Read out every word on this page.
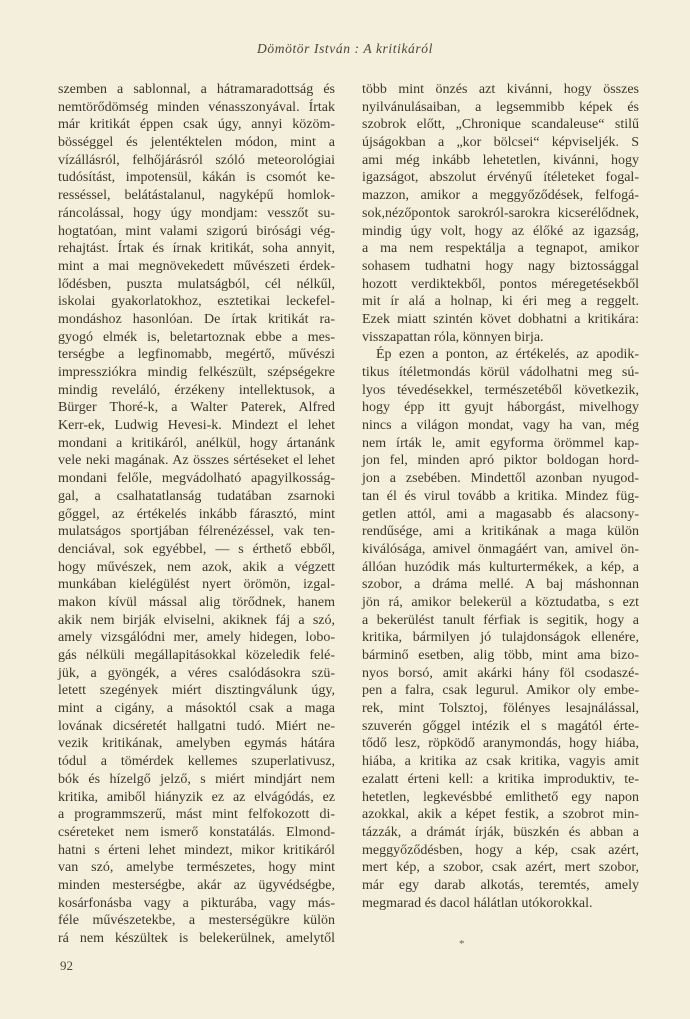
Dömötör István : A kritikáról
szemben a sablonnal, a hátramaradottság és
nemtörődömség minden vénasszonyával. Írtak
már kritikát éppen csak úgy, annyi közöm-
bösséggel és jelentéktelen módon, mint a
vízállásról, felhőjárásról szóló meteorológiai
tudósítást, impotensül, kákán is csomót ke-
resséssel, belátástalanul, nagyképű homlok-
ráncolással, hogy úgy mondjam: vesszőt su-
hogtatóan, mint valami szigorú birósági vég-
rehajtást. Írtak és írnak kritikát, soha annyit,
mint a mai megnövekedett művészeti érdek-
lődésben, puszta mulatságból, cél nélkűl,
iskolai gyakorlatokhoz, esztetikai leckefel-
mondáshoz hasonlóan. De írtak kritikát ra-
gyogó elmék is, beletartoznak ebbe a mes-
terségbe a legfinomabb, megértő, művészi
impressziókra mindig felkészült, szépségekre
mindig reveláló, érzékeny intellektusok, a
Bürger Thoré-k, a Walter Paterek, Alfred
Kerr-ek, Ludwig Hevesi-k. Mindezt el lehet
mondani a kritikáról, anélkül, hogy ártanánk
vele neki magának. Az összes sértéseket el lehet
mondani felőle, megvádolható apagyilkosság-
gal, a csalhatatlanság tudatában zsarnoki
gőggel, az értékelés inkább fárasztó, mint
mulatságos sportjában félrenézéssel, vak ten-
denciával, sok egyébbel, — s érthető ebből,
hogy művészek, nem azok, akik a végzett
munkában kielégülést nyert örömön, izgal-
makon kívül mással alig törődnek, hanem
akik nem birják elviselni, akiknek fáj a szó,
amely vizsgálódni mer, amely hidegen, lobo-
gás nélküli megállapitásokkal közeledik felé-
jük, a gyöngék, a véres csalódásokra szü-
letett szegények miért disztingválunk úgy,
mint a cigány, a másoktól csak a maga
lovának dicséretét hallgatni tudó. Miért ne-
vezik kritikának, amelyben egymás hátára
tódul a tömérdek kellemes szuperlativusz,
bók és hízelgő jelző, s miért mindjárt nem
kritika, amiből hiányzik ez az elvágódás, ez
a programmszerű, mást mint felfokozott di-
cséreteket nem ismerő konstatálás. Elmond-
hatni s érteni lehet mindezt, mikor kritikáról
van szó, amelybe természetes, hogy mint
minden mesterségbe, akár az ügyvédségbe,
kosárfonásba vagy a pikturába, vagy más-
féle művészetekbe, a mesterségükre külön
rá nem készültek is belekerülnek, amelytől
több mint önzés azt kivánni, hogy összes
nyilvánulásaiban, a legsemmibb képek és
szobrok előtt, „Chronique scandaleuse“ stilű
újságokban a „kor bölcsei“ képviseljék. S
ami még inkább lehetetlen, kivánni, hogy
igazságot, abszolut érvényű ítéleteket fogal-
mazzon, amikor a meggyőződések, felfogá-
sok,nézőpontok sarokról-sarokra kicserélődnek,
mindig úgy volt, hogy az élőké az igazság,
a ma nem respektálja a tegnapot, amikor
sohasem tudhatni hogy nagy biztossággal
hozott verdiktekből, pontos méregetésekből
mit ír alá a holnap, ki éri meg a reggelt.
Ezek miatt szintén követ dobhatni a kritikára:
visszapattan róla, könnyen birja.
Ép ezen a ponton, az értékelés, az apodik-
tikus ítéletmondás körül vádolhatni meg sú-
lyos tévedésekkel, természetéből következik,
hogy épp itt gyujt háborgást, mivelhogy
nincs a világon mondat, vagy ha van, még
nem írták le, amit egyforma örömmel kap-
jon fel, minden apró piktor boldogan hord-
jon a zsebében. Mindettől azonban nyugod-
tan él és virul tovább a kritika. Mindez füg-
getlen attól, ami a magasabb és alacsony-
rendűsége, ami a kritikának a maga külön
kiválósága, amivel önmagáért van, amivel ön-
állóan huzódik más kulturtermékek, a kép, a
szobor, a dráma mellé. A baj máshonnan
jön rá, amikor belekerül a köztudatba, s ezt
a bekerülést tanult férfiak is segitik, hogy a
kritika, bármilyen jó tulajdonságok ellenére,
bárminő esetben, alig több, mint ama bizo-
nyos borsó, amit akárki hány föl csodaszé-
pen a falra, csak legurul. Amikor oly embe-
rek, mint Tolsztoj, fölényes lesajnálással,
szuverén gőggel intézik el s magától érte-
tődő lesz, röpködő aranymondás, hogy hiába,
hiába, a kritika az csak kritika, vagyis amit
ezalatt érteni kell: a kritika improduktiv, te-
hetetlen, legkevésbbé emlithető egy napon
azokkal, akik a képet festik, a szobrot min-
tázzák, a drámát írják, büszkén és abban a
meggyőződésben, hogy a kép, csak azért,
mert kép, a szobor, csak azért, mert szobor,
már egy darab alkotás, teremtés, amely
megmarad és dacol hálátlan utókorokkal.
*
92
